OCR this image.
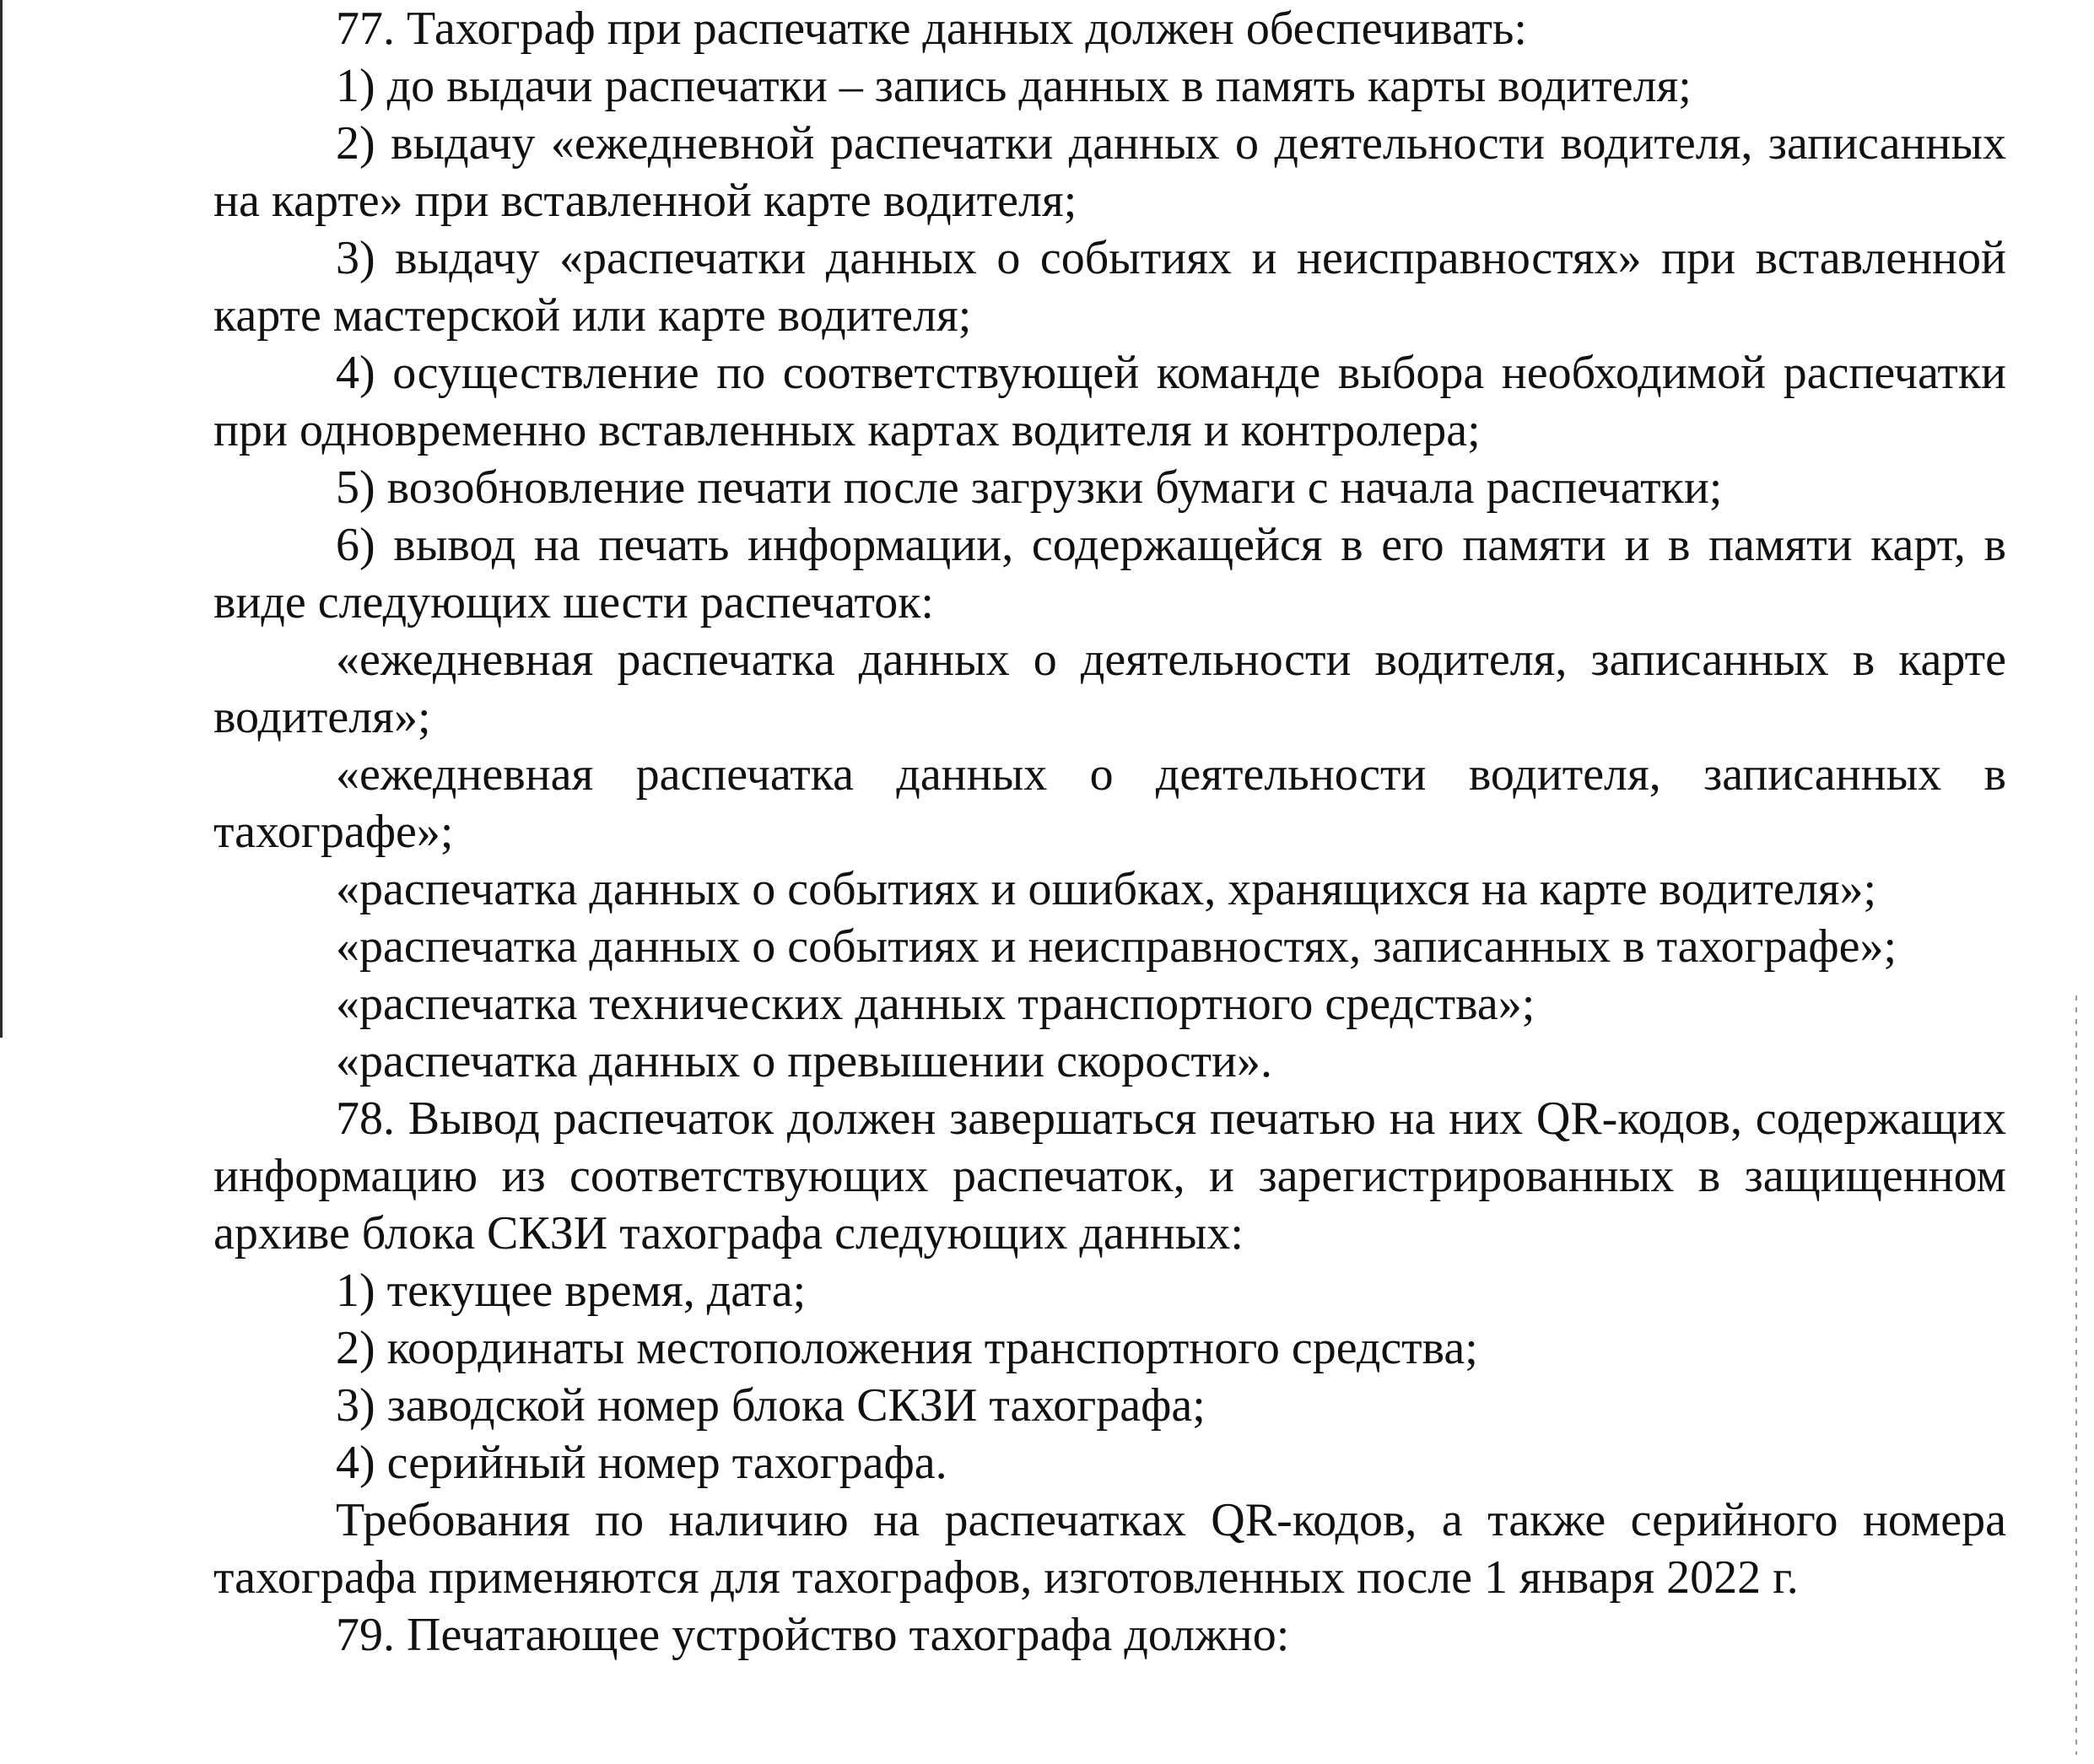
77. Тахограф при распечатке данных должен обеспечивать:

1) до выдачи распечатки – запись данных в память карты водителя;

2) выдачу «ежедневной распечатки данных о деятельности водителя, записанных на карте» при вставленной карте водителя;

3) выдачу «распечатки данных о событиях и неисправностях» при вставленной карте мастерской или карте водителя;

4) осуществление по соответствующей команде выбора необходимой распечатки при одновременно вставленных картах водителя и контролера;

5) возобновление печати после загрузки бумаги с начала распечатки;

6) вывод на печать информации, содержащейся в его памяти и в памяти карт, в виде следующих шести распечаток:

«ежедневная распечатка данных о деятельности водителя, записанных в карте водителя»;

«ежедневная распечатка данных о деятельности водителя, записанных в тахографе»;

«распечатка данных о событиях и ошибках, хранящихся на карте водителя»;

«распечатка данных о событиях и неисправностях, записанных в тахографе»;

«распечатка технических данных транспортного средства»;

«распечатка данных о превышении скорости».

78. Вывод распечаток должен завершаться печатью на них QR-кодов, содержащих информацию из соответствующих распечаток, и зарегистрированных в защищенном архиве блока СКЗИ тахографа следующих данных:

1) текущее время, дата;

2) координаты местоположения транспортного средства;

3) заводской номер блока СКЗИ тахографа;

4) серийный номер тахографа.

Требования по наличию на распечатках QR-кодов, а также серийного номера тахографа применяются для тахографов, изготовленных после 1 января 2022 г.

79. Печатающее устройство тахографа должно:
